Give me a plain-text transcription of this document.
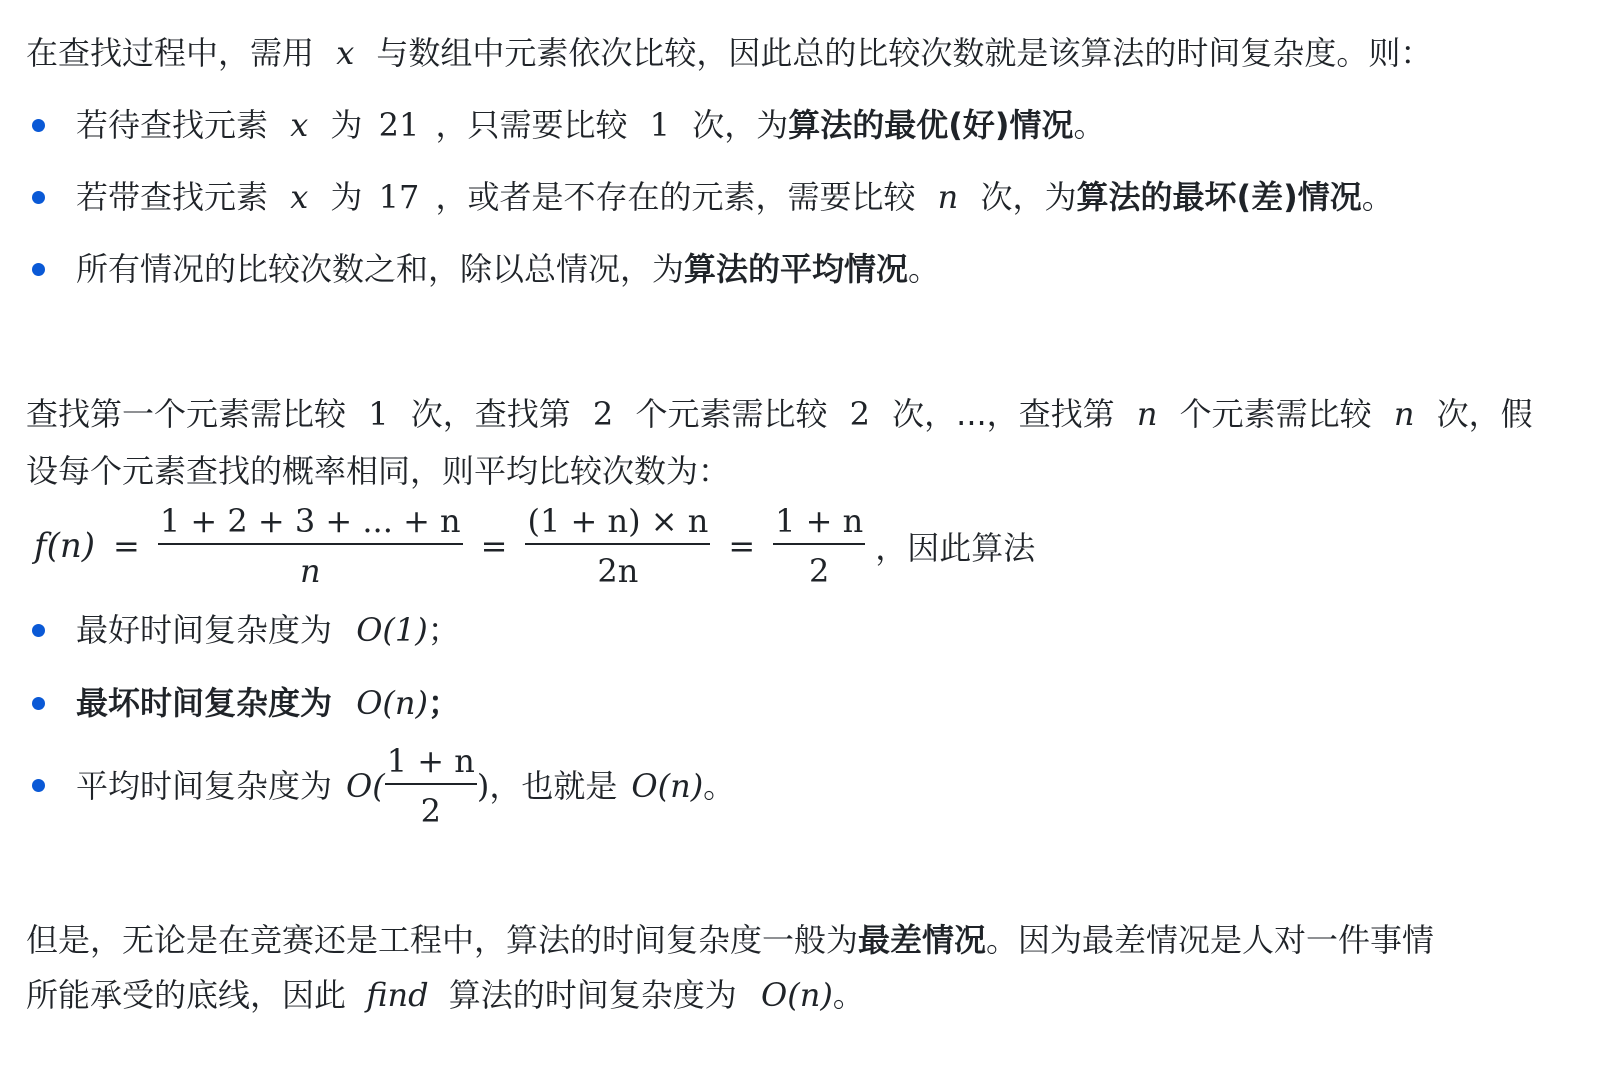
在查找过程中，需用 x 与数组中元素依次比较，因此总的比较次数就是该算法的时间复杂度。则：
若待查找元素 x 为 21 ，只需要比较 1 次，为算法的最优(好)情况。
若带查找元素 x 为 17 ，或者是不存在的元素，需要比较 n 次，为算法的最坏(差)情况。
所有情况的比较次数之和，除以总情况，为算法的平均情况。
查找第一个元素需比较 1 次，查找第 2 个元素需比较 2 次，...，查找第 n 个元素需比较 n 次，假
设每个元素查找的概率相同，则平均比较次数为：
$f(n) = \frac{1 + 2 + 3 + ... + n}{n} = \frac{(1 + n) \times n}{2n} = \frac{1 + n}{2}$ ，因此算法
最好时间复杂度为 O(1)；
最坏时间复杂度为 O(n)；
平均时间复杂度为 $O( \frac{1 + n}{2}$ ) ，也就是 O(n) 。
但是，无论是在竞赛还是工程中，算法的时间复杂度一般为最差情况。因为最差情况是人对一件事情
所能承受的底线，因此 find 算法的时间复杂度为 O(n)。
